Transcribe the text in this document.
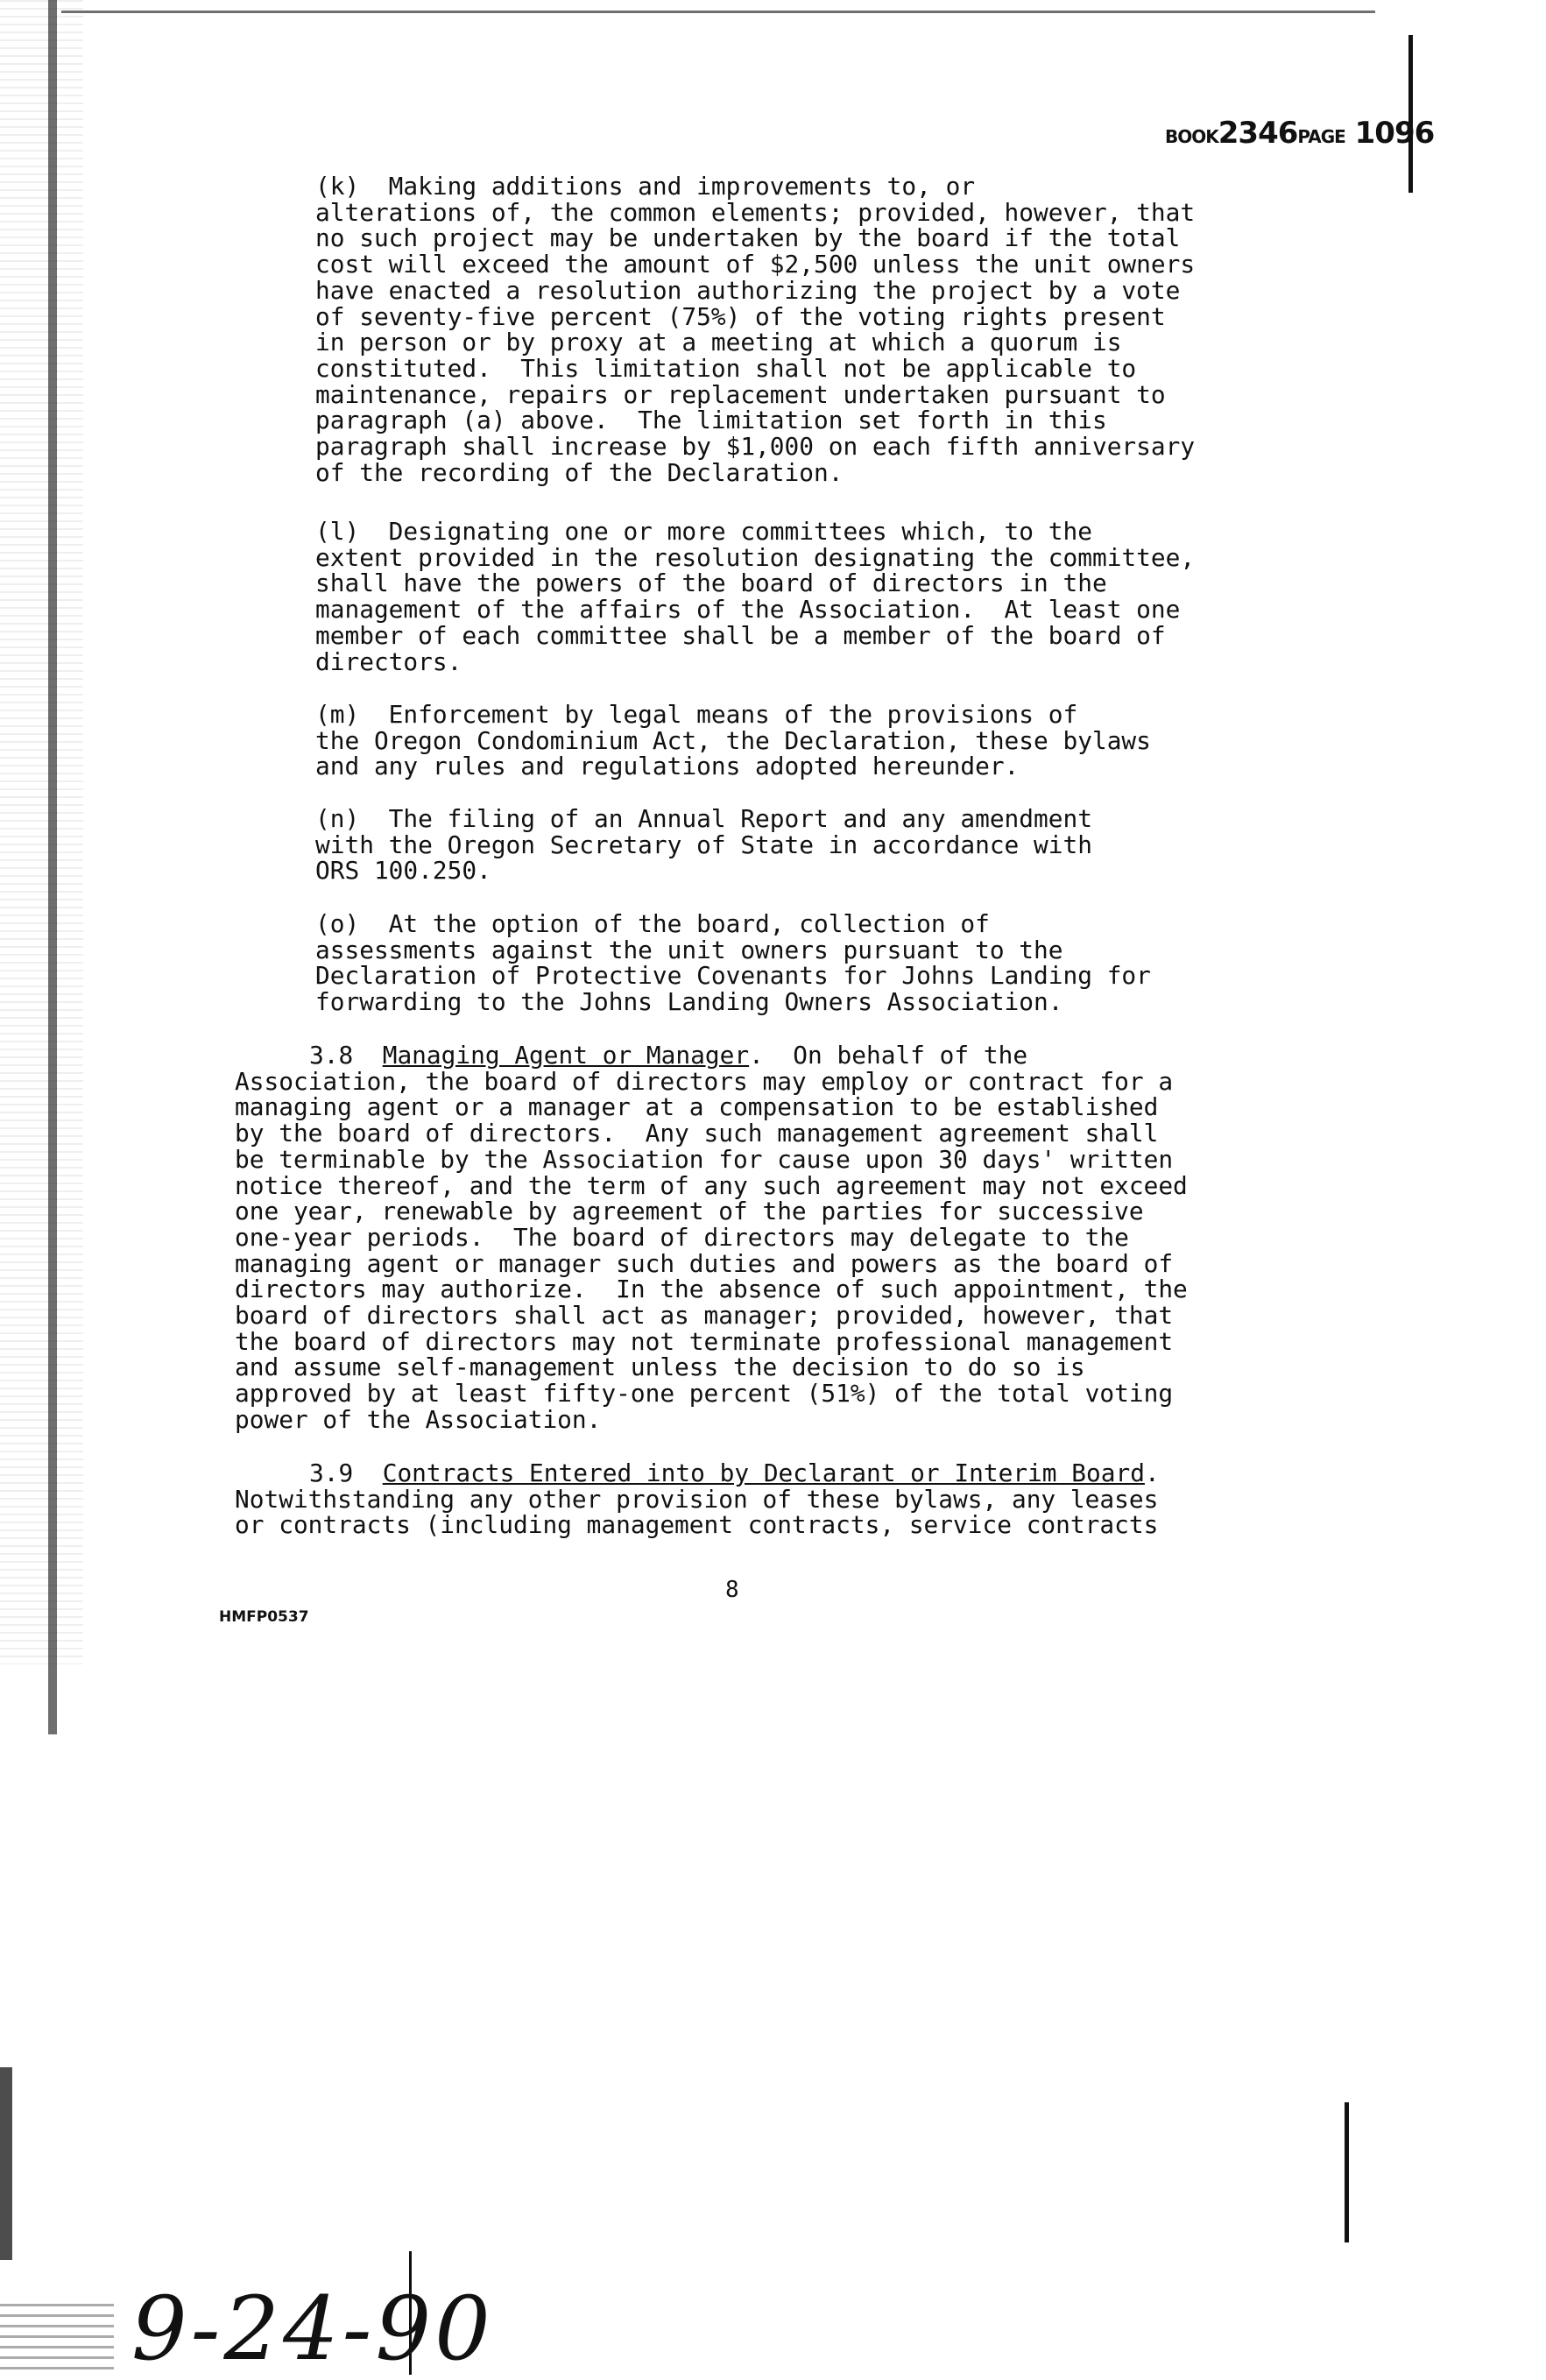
BOOK2346PAGE 1096

(k)  Making additions and improvements to, or
alterations of, the common elements; provided, however, that
no such project may be undertaken by the board if the total
cost will exceed the amount of $2,500 unless the unit owners
have enacted a resolution authorizing the project by a vote
of seventy-five percent (75%) of the voting rights present
in person or by proxy at a meeting at which a quorum is
constituted.  This limitation shall not be applicable to
maintenance, repairs or replacement undertaken pursuant to
paragraph (a) above.  The limitation set forth in this
paragraph shall increase by $1,000 on each fifth anniversary
of the recording of the Declaration.

(l)  Designating one or more committees which, to the
extent provided in the resolution designating the committee,
shall have the powers of the board of directors in the
management of the affairs of the Association.  At least one
member of each committee shall be a member of the board of
directors.

(m)  Enforcement by legal means of the provisions of
the Oregon Condominium Act, the Declaration, these bylaws
and any rules and regulations adopted hereunder.

(n)  The filing of an Annual Report and any amendment
with the Oregon Secretary of State in accordance with
ORS 100.250.

(o)  At the option of the board, collection of
assessments against the unit owners pursuant to the
Declaration of Protective Covenants for Johns Landing for
forwarding to the Johns Landing Owners Association.

3.8 Managing Agent or Manager.  On behalf of the
Association, the board of directors may employ or contract for a
managing agent or a manager at a compensation to be established
by the board of directors.  Any such management agreement shall
be terminable by the Association for cause upon 30 days' written
notice thereof, and the term of any such agreement may not exceed
one year, renewable by agreement of the parties for successive
one-year periods.  The board of directors may delegate to the
managing agent or manager such duties and powers as the board of
directors may authorize.  In the absence of such appointment, the
board of directors shall act as manager; provided, however, that
the board of directors may not terminate professional management
and assume self-management unless the decision to do so is
approved by at least fifty-one percent (51%) of the total voting
power of the Association.

3.9 Contracts Entered into by Declarant or Interim Board.
Notwithstanding any other provision of these bylaws, any leases
or contracts (including management contracts, service contracts

HMFP0537
8
9-24-90
